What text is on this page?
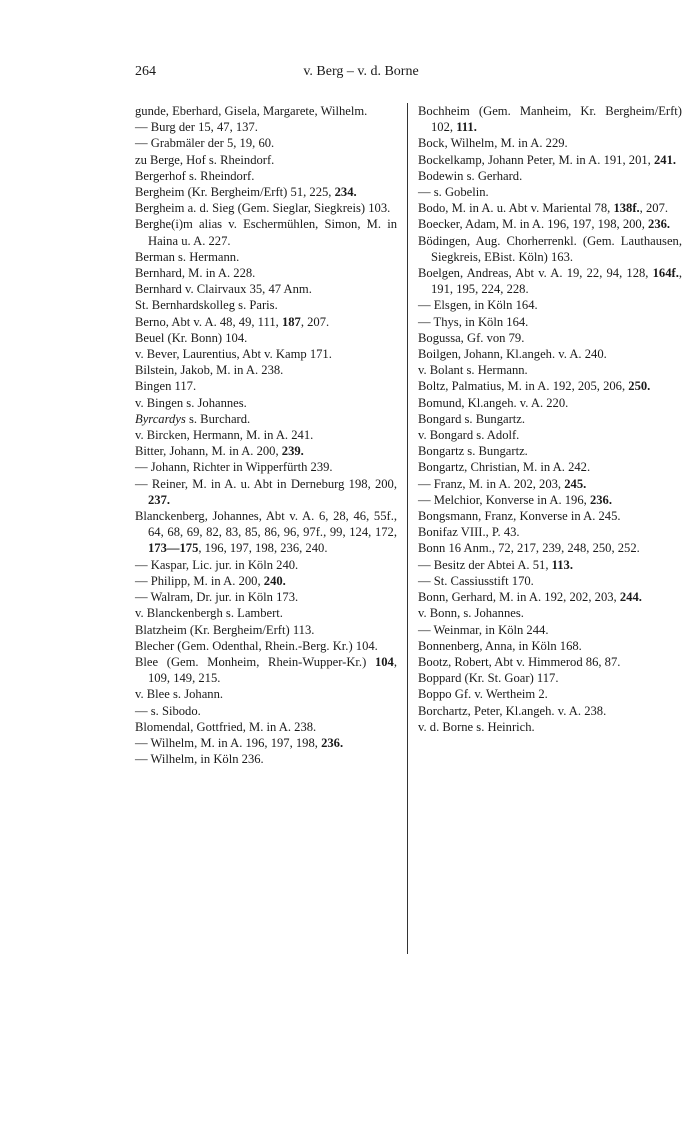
264	v. Berg – v. d. Borne

gunde, Eberhard, Gisela, Margarete, Wilhelm.

— Burg der 15, 47, 137.

— Grabmäler der 5, 19, 60.

zu Berge, Hof s. Rheindorf.

Bergerhof s. Rheindorf.

Bergheim (Kr. Bergheim/Erft) 51, 225, 234.

Bergheim a. d. Sieg (Gem. Sieglar, Siegkreis) 103.

Berghe(i)m alias v. Eschermühlen, Simon, M. in Haina u. A. 227.

Berman s. Hermann.

Bernhard, M. in A. 228.

Bernhard v. Clairvaux 35, 47 Anm.

St. Bernhardskolleg s. Paris.

Berno, Abt v. A. 48, 49, 111, 187, 207.

Beuel (Kr. Bonn) 104.

v. Bever, Laurentius, Abt v. Kamp 171.

Bilstein, Jakob, M. in A. 238.

Bingen 117.

v. Bingen s. Johannes.

Byrcardys s. Burchard.

v. Bircken, Hermann, M. in A. 241.

Bitter, Johann, M. in A. 200, 239.

— Johann, Richter in Wipperfürth 239.

— Reiner, M. in A. u. Abt in Derneburg 198, 200, 237.

Blanckenberg, Johannes, Abt v. A. 6, 28, 46, 55f., 64, 68, 69, 82, 83, 85, 86, 96, 97f., 99, 124, 172, 173—175, 196, 197, 198, 236, 240.

— Kaspar, Lic. jur. in Köln 240.

— Philipp, M. in A. 200, 240.

— Walram, Dr. jur. in Köln 173.

v. Blanckenbergh s. Lambert.

Blatzheim (Kr. Bergheim/Erft) 113.

Blecher (Gem. Odenthal, Rhein.-Berg. Kr.) 104.

Blee (Gem. Monheim, Rhein-Wupper-Kr.) 104, 109, 149, 215.

v. Blee s. Johann.

— s. Sibodo.

Blomendal, Gottfried, M. in A. 238.

— Wilhelm, M. in A. 196, 197, 198, 236.

— Wilhelm, in Köln 236.

Bochheim (Gem. Manheim, Kr. Bergheim/Erft) 102, 111.

Bock, Wilhelm, M. in A. 229.

Bockelkamp, Johann Peter, M. in A. 191, 201, 241.

Bodewin s. Gerhard.

— s. Gobelin.

Bodo, M. in A. u. Abt v. Mariental 78, 138f., 207.

Boecker, Adam, M. in A. 196, 197, 198, 200, 236.

Bödingen, Aug. Chorherrenkl. (Gem. Lauthausen, Siegkreis, EBist. Köln) 163.

Boelgen, Andreas, Abt v. A. 19, 22, 94, 128, 164f., 191, 195, 224, 228.

— Elsgen, in Köln 164.

— Thys, in Köln 164.

Bogussa, Gf. von 79.

Boilgen, Johann, Kl.angeh. v. A. 240.

v. Bolant s. Hermann.

Boltz, Palmatius, M. in A. 192, 205, 206, 250.

Bomund, Kl.angeh. v. A. 220.

Bongard s. Bungartz.

v. Bongard s. Adolf.

Bongartz s. Bungartz.

Bongartz, Christian, M. in A. 242.

— Franz, M. in A. 202, 203, 245.

— Melchior, Konverse in A. 196, 236.

Bongsmann, Franz, Konverse in A. 245.

Bonifaz VIII., P. 43.

Bonn 16 Anm., 72, 217, 239, 248, 250, 252.

— Besitz der Abtei A. 51, 113.

— St. Cassiusstift 170.

Bonn, Gerhard, M. in A. 192, 202, 203, 244.

v. Bonn, s. Johannes.

— Weinmar, in Köln 244.

Bonnenberg, Anna, in Köln 168.

Bootz, Robert, Abt v. Himmerod 86, 87.

Boppard (Kr. St. Goar) 117.

Boppo Gf. v. Wertheim 2.

Borchartz, Peter, Kl.angeh. v. A. 238.

v. d. Borne s. Heinrich.
